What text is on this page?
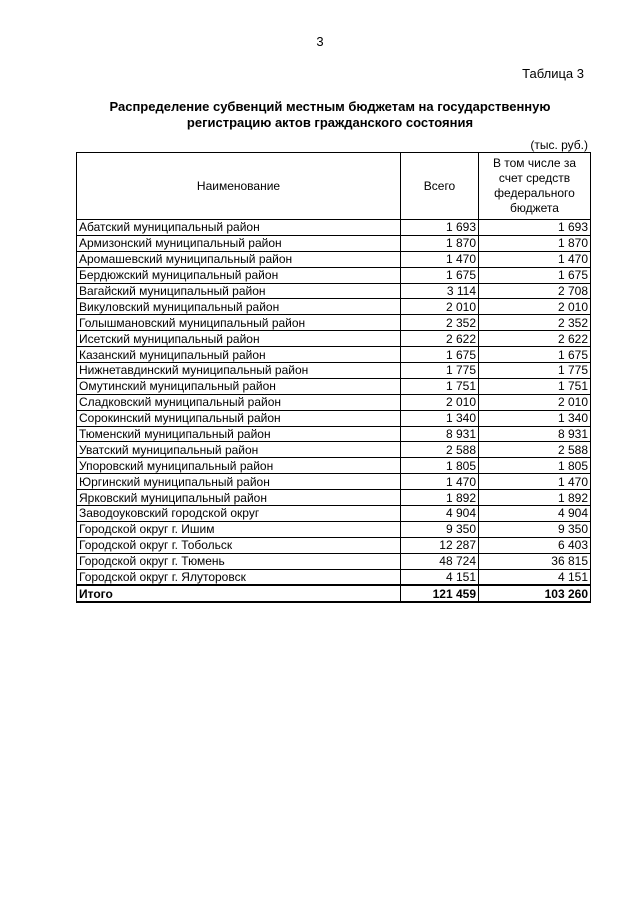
3
Таблица 3
Распределение субвенций местным бюджетам на государственную
регистрацию актов гражданского состояния
(тыс. руб.)
Наименование	Всего	В том числе за счет средств федерального бюджета
Абатский муниципальный район	1 693	1 693
Армизонский муниципальный район	1 870	1 870
Аромашевский муниципальный район	1 470	1 470
Бердюжский муниципальный район	1 675	1 675
Вагайский муниципальный район	3 114	2 708
Викуловский муниципальный район	2 010	2 010
Голышмановский муниципальный район	2 352	2 352
Исетский муниципальный район	2 622	2 622
Казанский муниципальный район	1 675	1 675
Нижнетавдинский муниципальный район	1 775	1 775
Омутинский муниципальный район	1 751	1 751
Сладковский муниципальный район	2 010	2 010
Сорокинский муниципальный район	1 340	1 340
Тюменский муниципальный район	8 931	8 931
Уватский муниципальный район	2 588	2 588
Упоровский муниципальный район	1 805	1 805
Юргинский муниципальный район	1 470	1 470
Ярковский муниципальный район	1 892	1 892
Заводоуковский городской округ	4 904	4 904
Городской округ г. Ишим	9 350	9 350
Городской округ г. Тобольск	12 287	6 403
Городской округ г. Тюмень	48 724	36 815
Городской округ г. Ялуторовск	4 151	4 151
Итого	121 459	103 260
